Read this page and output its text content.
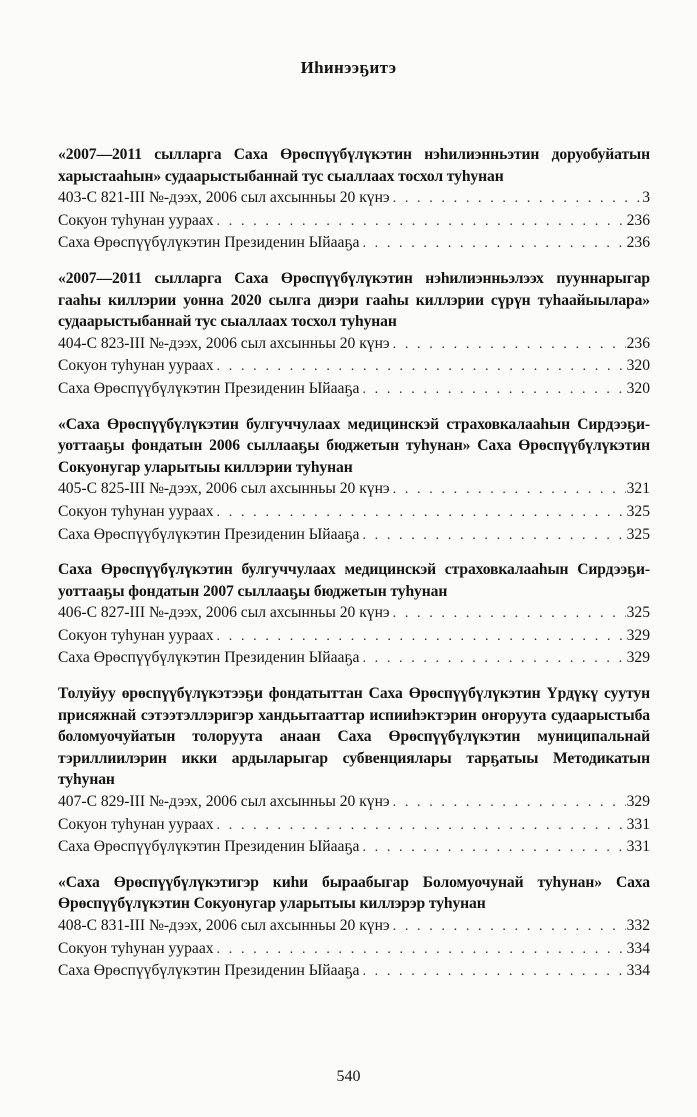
Иһинээҕитэ
«2007—2011 сылларга Саха Өрөспүүбүлүкэтин нэһилиэнньэтин доруобуйатын харыстааһын» судаарыстыбаннай тус сыаллаах тосхол туһунан
403-С 821-III №-дээх, 2006 сыл ахсынньы 20 күнэ . . .	3
Сокуон туһунан уураах . . .	236
Саха Өрөспүүбүлүкэтин Президенин Ыйааҕа . . .	236
«2007—2011 сылларга Саха Өрөспүүбүлүкэтин нэһилиэнньэлээх пууннарыгар гааһы киллэрии уонна 2020 сылга диэри гааһы киллэрии сүрүн туһаайыылара» судаарыстыбаннай тус сыаллаах тосхол туһунан
404-С 823-III №-дээх, 2006 сыл ахсынньы 20 күнэ . . .	236
Сокуон туһунан уураах . . .	320
Саха Өрөспүүбүлүкэтин Президенин Ыйааҕа . . .	320
«Саха Өрөспүүбүлүкэтин булгуччулаах медицинскэй страховкалааһын Сирдээҕи-уоттааҕы фондатын 2006 сыллааҕы бюджетын туһунан» Саха Өрөспүүбүлүкэтин Сокуонугар уларытыы киллэрии туһунан
405-С 825-III №-дээх, 2006 сыл ахсынньы 20 күнэ . . .	321
Сокуон туһунан уураах . . .	325
Саха Өрөспүүбүлүкэтин Президенин Ыйааҕа . . .	325
Саха Өрөспүүбүлүкэтин булгуччулаах медицинскэй страховкалааһын Сирдээҕи-уоттааҕы фондатын 2007 сыллааҕы бюджетын туһунан
406-С 827-III №-дээх, 2006 сыл ахсынньы 20 күнэ . . .	325
Сокуон туһунан уураах . . .	329
Саха Өрөспүүбүлүкэтин Президенин Ыйааҕа . . .	329
Толуйуу өрөспүүбүлүкэтээҕи фондатыттан Саха Өрөспүүбүлүкэтин Үрдүкү суутун присяжнай сэтээтэллэригэр хандьытааттар испииһэктэрин оҥоруута судаарыстыба боломуочуйатын толоруута анаан Саха Өрөспүүбүлүкэтин муниципальнай тэриллиилэрин икки ардыларыгар субвенциялары тарҕатыы Методикатын туһунан
407-С 829-III №-дээх, 2006 сыл ахсынньы 20 күнэ . . .	329
Сокуон туһунан уураах . . .	331
Саха Өрөспүүбүлүкэтин Президенин Ыйааҕа . . .	331
«Саха Өрөспүүбүлүкэтигэр киһи быраабыгар Боломуочунай туһунан» Саха Өрөспүүбүлүкэтин Сокуонугар уларытыы киллэрэр туһунан
408-С 831-III №-дээх, 2006 сыл ахсынньы 20 күнэ . . .	332
Сокуон туһунан уураах . . .	334
Саха Өрөспүүбүлүкэтин Президенин Ыйааҕа . . .	334
540
